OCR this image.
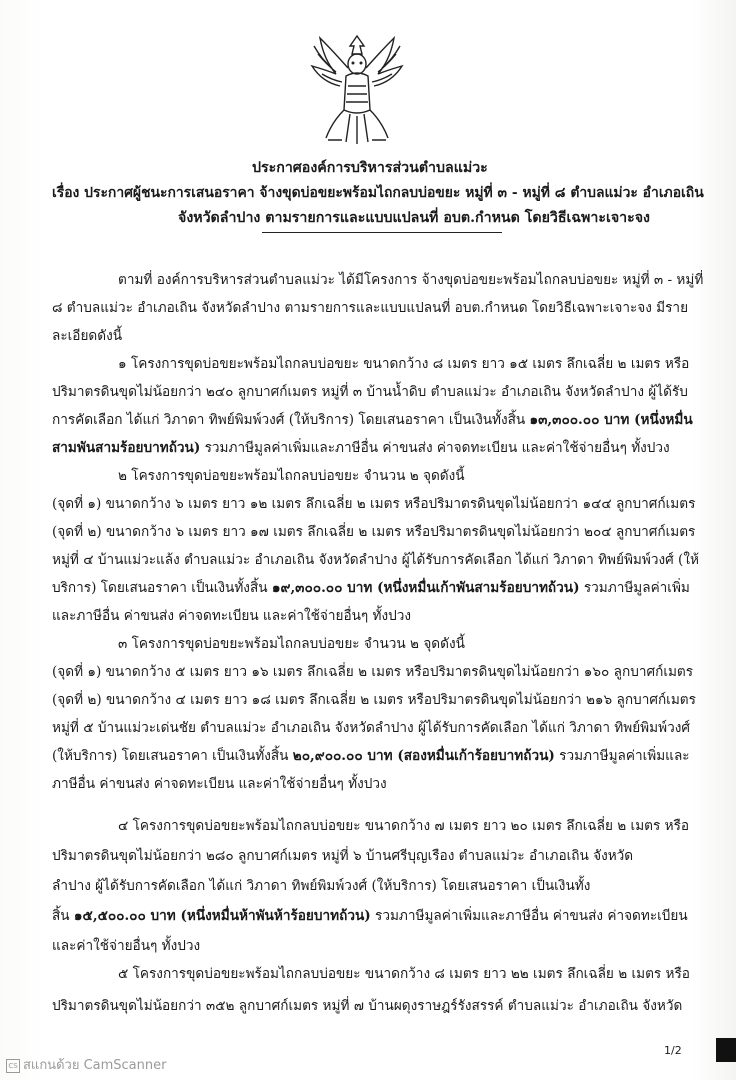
ประกาศองค์การบริหารส่วนตำบลแม่วะ
เรื่อง ประกาศผู้ชนะการเสนอราคา จ้างขุดบ่อขยะพร้อมไถกลบบ่อขยะ หมู่ที่ ๓ - หมู่ที่ ๘ ตำบลแม่วะ อำเภอเถิน
จังหวัดลำปาง ตามรายการและแบบแปลนที่ อบต.กำหนด โดยวิธีเฉพาะเจาะจง
ตามที่ องค์การบริหารส่วนตำบลแม่วะ ได้มีโครงการ จ้างขุดบ่อขยะพร้อมไถกลบบ่อขยะ หมู่ที่ ๓ - หมู่ที่
๘ ตำบลแม่วะ อำเภอเถิน จังหวัดลำปาง ตามรายการและแบบแปลนที่ อบต.กำหนด โดยวิธีเฉพาะเจาะจง มีราย
ละเอียดดังนี้
๑ โครงการขุดบ่อขยะพร้อมไถกลบบ่อขยะ ขนาดกว้าง ๘ เมตร ยาว ๑๕ เมตร ลึกเฉลี่ย ๒ เมตร หรือ
ปริมาตรดินขุดไม่น้อยกว่า ๒๔๐ ลูกบาศก์เมตร หมู่ที่ ๓ บ้านน้ำดิบ ตำบลแม่วะ อำเภอเถิน จังหวัดลำปาง ผู้ได้รับ
การคัดเลือก ได้แก่ วิภาดา ทิพย์พิมพ์วงศ์ (ให้บริการ) โดยเสนอราคา เป็นเงินทั้งสิ้น ๑๓,๓๐๐.๐๐ บาท (หนึ่งหมื่น
สามพันสามร้อยบาทถ้วน) รวมภาษีมูลค่าเพิ่มและภาษีอื่น ค่าขนส่ง ค่าจดทะเบียน และค่าใช้จ่ายอื่นๆ ทั้งปวง
๒ โครงการขุดบ่อขยะพร้อมไถกลบบ่อขยะ จำนวน ๒ จุดดังนี้
(จุดที่ ๑) ขนาดกว้าง ๖ เมตร ยาว ๑๒ เมตร ลึกเฉลี่ย ๒ เมตร หรือปริมาตรดินขุดไม่น้อยกว่า ๑๔๔ ลูกบาศก์เมตร
(จุดที่ ๒) ขนาดกว้าง ๖ เมตร ยาว ๑๗ เมตร ลึกเฉลี่ย ๒ เมตร หรือปริมาตรดินขุดไม่น้อยกว่า ๒๐๔ ลูกบาศก์เมตร
หมู่ที่ ๔ บ้านแม่วะแล้ง ตำบลแม่วะ อำเภอเถิน จังหวัดลำปาง ผู้ได้รับการคัดเลือก ได้แก่ วิภาดา ทิพย์พิมพ์วงศ์ (ให้
บริการ) โดยเสนอราคา เป็นเงินทั้งสิ้น ๑๙,๓๐๐.๐๐ บาท (หนึ่งหมื่นเก้าพันสามร้อยบาทถ้วน) รวมภาษีมูลค่าเพิ่ม
และภาษีอื่น ค่าขนส่ง ค่าจดทะเบียน และค่าใช้จ่ายอื่นๆ ทั้งปวง
๓ โครงการขุดบ่อขยะพร้อมไถกลบบ่อขยะ จำนวน ๒ จุดดังนี้
(จุดที่ ๑) ขนาดกว้าง ๕ เมตร ยาว ๑๖ เมตร ลึกเฉลี่ย ๒ เมตร หรือปริมาตรดินขุดไม่น้อยกว่า ๑๖๐ ลูกบาศก์เมตร
(จุดที่ ๒) ขนาดกว้าง ๔ เมตร ยาว ๑๘ เมตร ลึกเฉลี่ย ๒ เมตร หรือปริมาตรดินขุดไม่น้อยกว่า ๒๑๖ ลูกบาศก์เมตร
หมู่ที่ ๕ บ้านแม่วะเด่นชัย ตำบลแม่วะ อำเภอเถิน จังหวัดลำปาง ผู้ได้รับการคัดเลือก ได้แก่ วิภาดา ทิพย์พิมพ์วงศ์
(ให้บริการ) โดยเสนอราคา เป็นเงินทั้งสิ้น ๒๐,๙๐๐.๐๐ บาท (สองหมื่นเก้าร้อยบาทถ้วน) รวมภาษีมูลค่าเพิ่มและ
ภาษีอื่น ค่าขนส่ง ค่าจดทะเบียน และค่าใช้จ่ายอื่นๆ ทั้งปวง
๔ โครงการขุดบ่อขยะพร้อมไถกลบบ่อขยะ ขนาดกว้าง ๗ เมตร ยาว ๒๐ เมตร ลึกเฉลี่ย ๒ เมตร หรือ
ปริมาตรดินขุดไม่น้อยกว่า ๒๘๐ ลูกบาศก์เมตร หมู่ที่ ๖ บ้านศรีบุญเรือง ตำบลแม่วะ อำเภอเถิน จังหวัด
ลำปาง ผู้ได้รับการคัดเลือก ได้แก่ วิภาดา ทิพย์พิมพ์วงศ์ (ให้บริการ) โดยเสนอราคา เป็นเงินทั้ง
สิ้น ๑๕,๕๐๐.๐๐ บาท (หนึ่งหมื่นห้าพันห้าร้อยบาทถ้วน) รวมภาษีมูลค่าเพิ่มและภาษีอื่น ค่าขนส่ง ค่าจดทะเบียน
และค่าใช้จ่ายอื่นๆ ทั้งปวง
๕ โครงการขุดบ่อขยะพร้อมไถกลบบ่อขยะ ขนาดกว้าง ๘ เมตร ยาว ๒๒ เมตร ลึกเฉลี่ย ๒ เมตร หรือ
ปริมาตรดินขุดไม่น้อยกว่า ๓๕๒ ลูกบาศก์เมตร หมู่ที่ ๗ บ้านผดุงราษฎร์รังสรรค์ ตำบลแม่วะ อำเภอเถิน จังหวัด
CS สแกนด้วย CamScanner
1/2
